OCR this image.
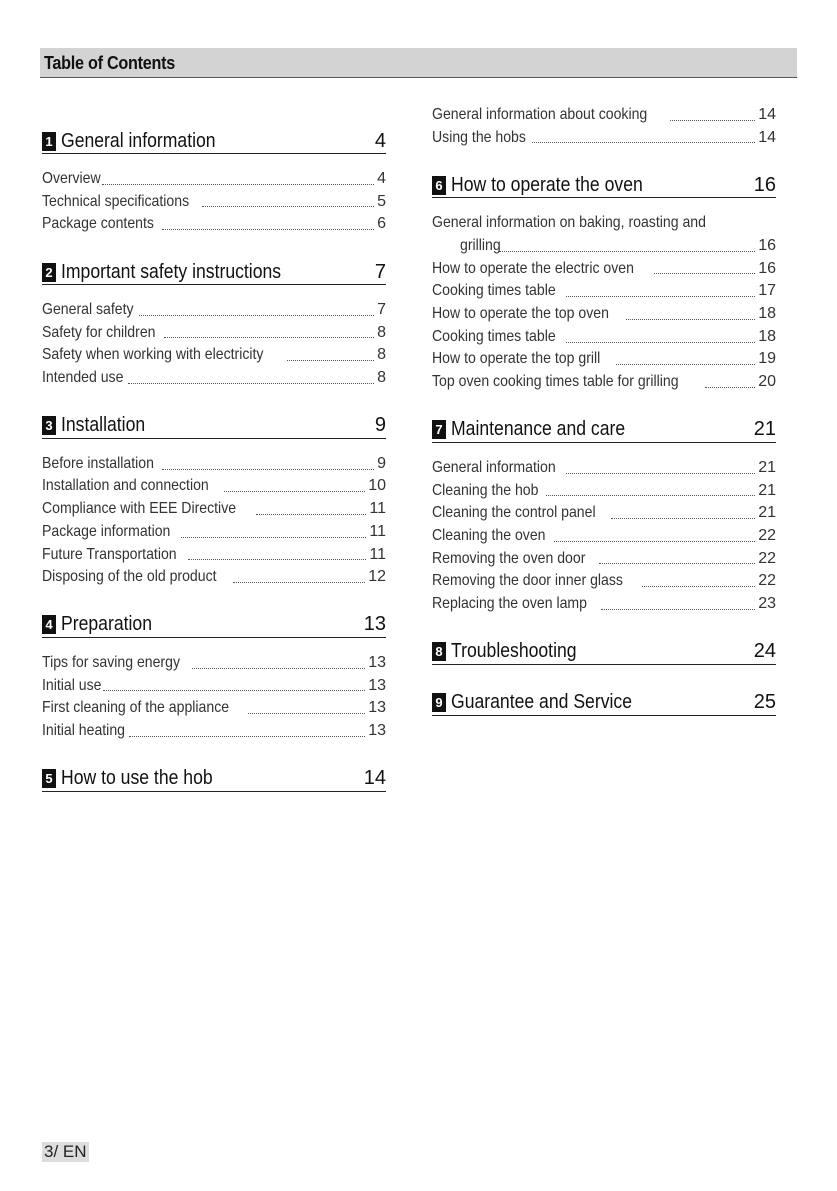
Table of Contents
1 General information	4
Overview	4
Technical specifications	5
Package contents	6
2 Important safety instructions	7
General safety	7
Safety for children	8
Safety when working with electricity	8
Intended use	8
3 Installation	9
Before installation	9
Installation and connection	10
Compliance with EEE Directive	11
Package information	11
Future Transportation	11
Disposing of the old product	12
4 Preparation	13
Tips for saving energy	13
Initial use	13
First cleaning of the appliance	13
Initial heating	13
5 How to use the hob	14
General information about cooking	14
Using the hobs	14
6 How to operate the oven	16
General information on baking, roasting and
grilling	16
How to operate the electric oven	16
Cooking times table	17
How to operate the top oven	18
Cooking times table	18
How to operate the top grill	19
Top oven cooking times table for grilling	20
7 Maintenance and care	21
General information	21
Cleaning the hob	21
Cleaning the control panel	21
Cleaning the oven	22
Removing the oven door	22
Removing the door inner glass	22
Replacing the oven lamp	23
8 Troubleshooting	24
9 Guarantee and Service	25
3/ EN
